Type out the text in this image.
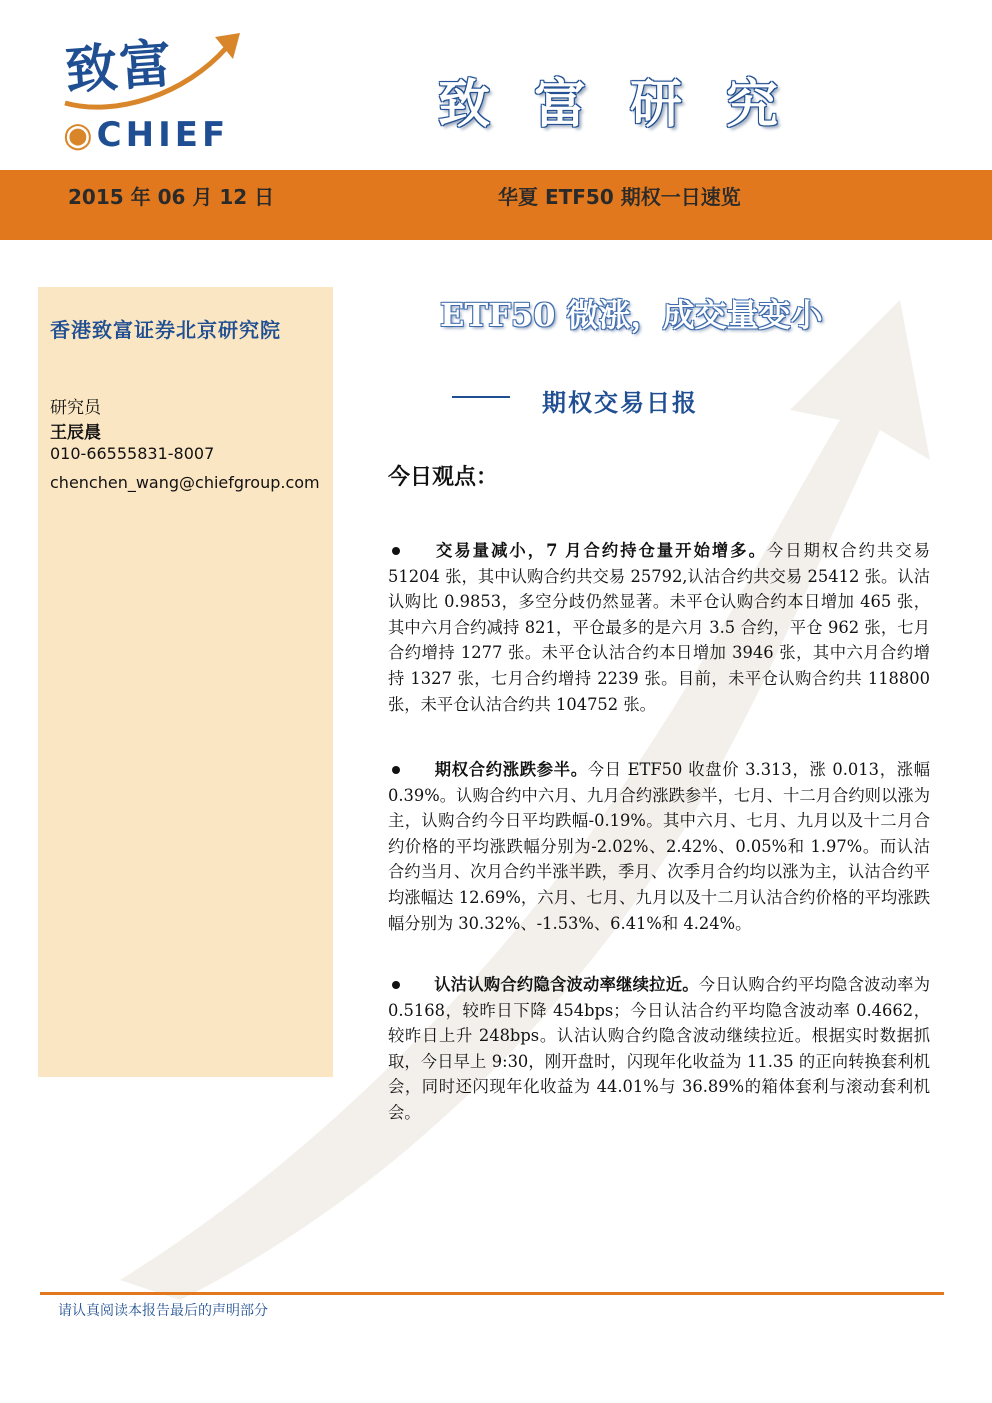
致富
◉CHIEF	致富研究
2015 年 06 月 12 日	华夏 ETF50 期权一日速览
香港致富证券北京研究院
研究员
王辰晨
010-66555831-8007
chenchen_wang@chiefgroup.com
ETF50 微涨，成交量变小
期权交易日报
今日观点：
交易量减小，7 月合约持仓量开始增多。今日期权合约共交易 51204 张，其中认购合约共交易 25792,认沽合约共交易 25412 张。认沽认购比 0.9853，多空分歧仍然显著。未平仓认购合约本日增加 465 张，其中六月合约减持 821，平仓最多的是六月 3.5 合约，平仓 962 张，七月合约增持 1277 张。未平仓认沽合约本日增加 3946 张，其中六月合约增持 1327 张，七月合约增持 2239 张。目前，未平仓认购合约共 118800 张，未平仓认沽合约共 104752 张。
期权合约涨跌参半。今日 ETF50 收盘价 3.313，涨 0.013，涨幅 0.39%。认购合约中六月、九月合约涨跌参半，七月、十二月合约则以涨为主，认购合约今日平均跌幅-0.19%。其中六月、七月、九月以及十二月合约价格的平均涨跌幅分别为-2.02%、2.42%、0.05%和 1.97%。而认沽合约当月、次月合约半涨半跌，季月、次季月合约均以涨为主，认沽合约平均涨幅达 12.69%，六月、七月、九月以及十二月认沽合约价格的平均涨跌幅分别为 30.32%、-1.53%、6.41%和 4.24%。
认沽认购合约隐含波动率继续拉近。今日认购合约平均隐含波动率为 0.5168，较昨日下降 454bps；今日认沽合约平均隐含波动率 0.4662，较昨日上升 248bps。认沽认购合约隐含波动继续拉近。根据实时数据抓取，今日早上 9:30，刚开盘时，闪现年化收益为 11.35 的正向转换套利机会，同时还闪现年化收益为 44.01%与 36.89%的箱体套利与滚动套利机会。
请认真阅读本报告最后的声明部分
